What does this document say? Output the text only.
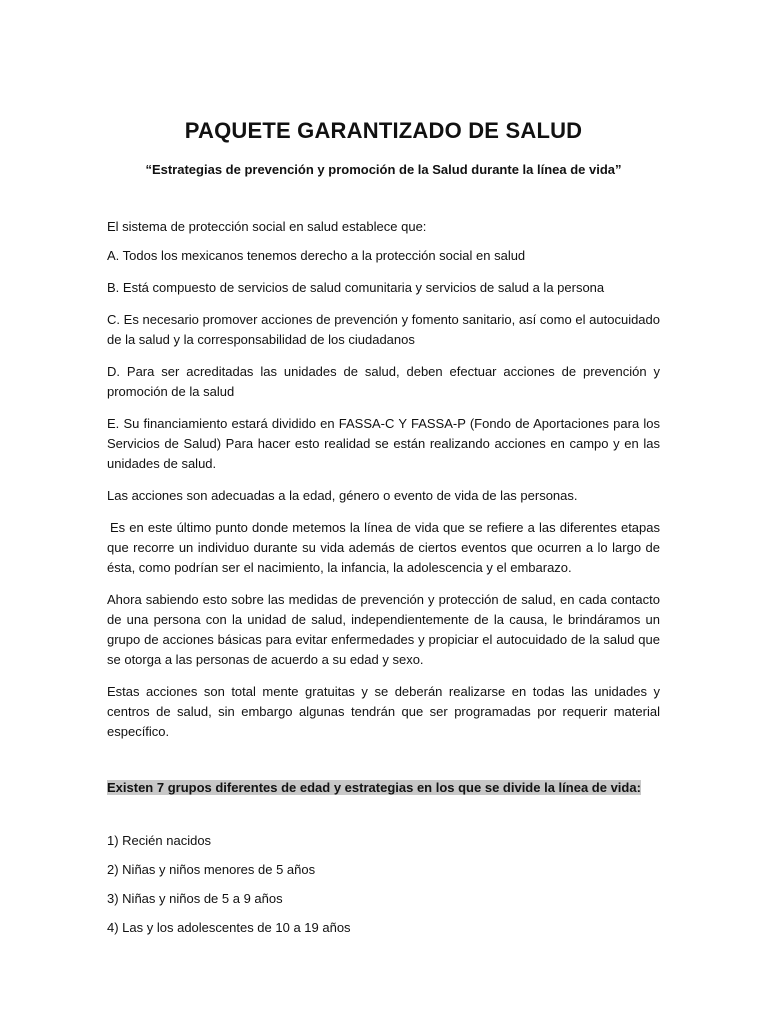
PAQUETE GARANTIZADO DE SALUD
“Estrategias de prevención y promoción de la Salud durante la línea de vida”
El sistema de protección social en salud establece que:

A. Todos los mexicanos tenemos derecho a la protección social en salud

B. Está compuesto de servicios de salud comunitaria y servicios de salud a la persona

C. Es necesario promover acciones de prevención y fomento sanitario, así como el autocuidado de la salud y la corresponsabilidad de los ciudadanos

D. Para ser acreditadas las unidades de salud, deben efectuar acciones de prevención y promoción de la salud

E. Su financiamiento estará dividido en FASSA-C Y FASSA-P (Fondo de Aportaciones para los Servicios de Salud) Para hacer esto realidad se están realizando acciones en campo y en las unidades de salud.

Las acciones son adecuadas a la edad, género o evento de vida de las personas.

Es en este último punto donde metemos la línea de vida que se refiere a las diferentes etapas que recorre un individuo durante su vida además de ciertos eventos que ocurren a lo largo de ésta, como podrían ser el nacimiento, la infancia, la adolescencia y el embarazo.

Ahora sabiendo esto sobre las medidas de prevención y protección de salud, en cada contacto de una persona con la unidad de salud, independientemente de la causa, le brindáramos un grupo de acciones básicas para evitar enfermedades y propiciar el autocuidado de la salud que se otorga a las personas de acuerdo a su edad y sexo.

Estas acciones son total mente gratuitas y se deberán realizarse en todas las unidades y centros de salud, sin embargo algunas tendrán que ser programadas por requerir material específico.

Existen 7 grupos diferentes de edad y estrategias en los que se divide la línea de vida:
1) Recién nacidos
2) Niñas y niños menores de 5 años
3) Niñas y niños de 5 a 9 años
4) Las y los adolescentes de 10 a 19 años
